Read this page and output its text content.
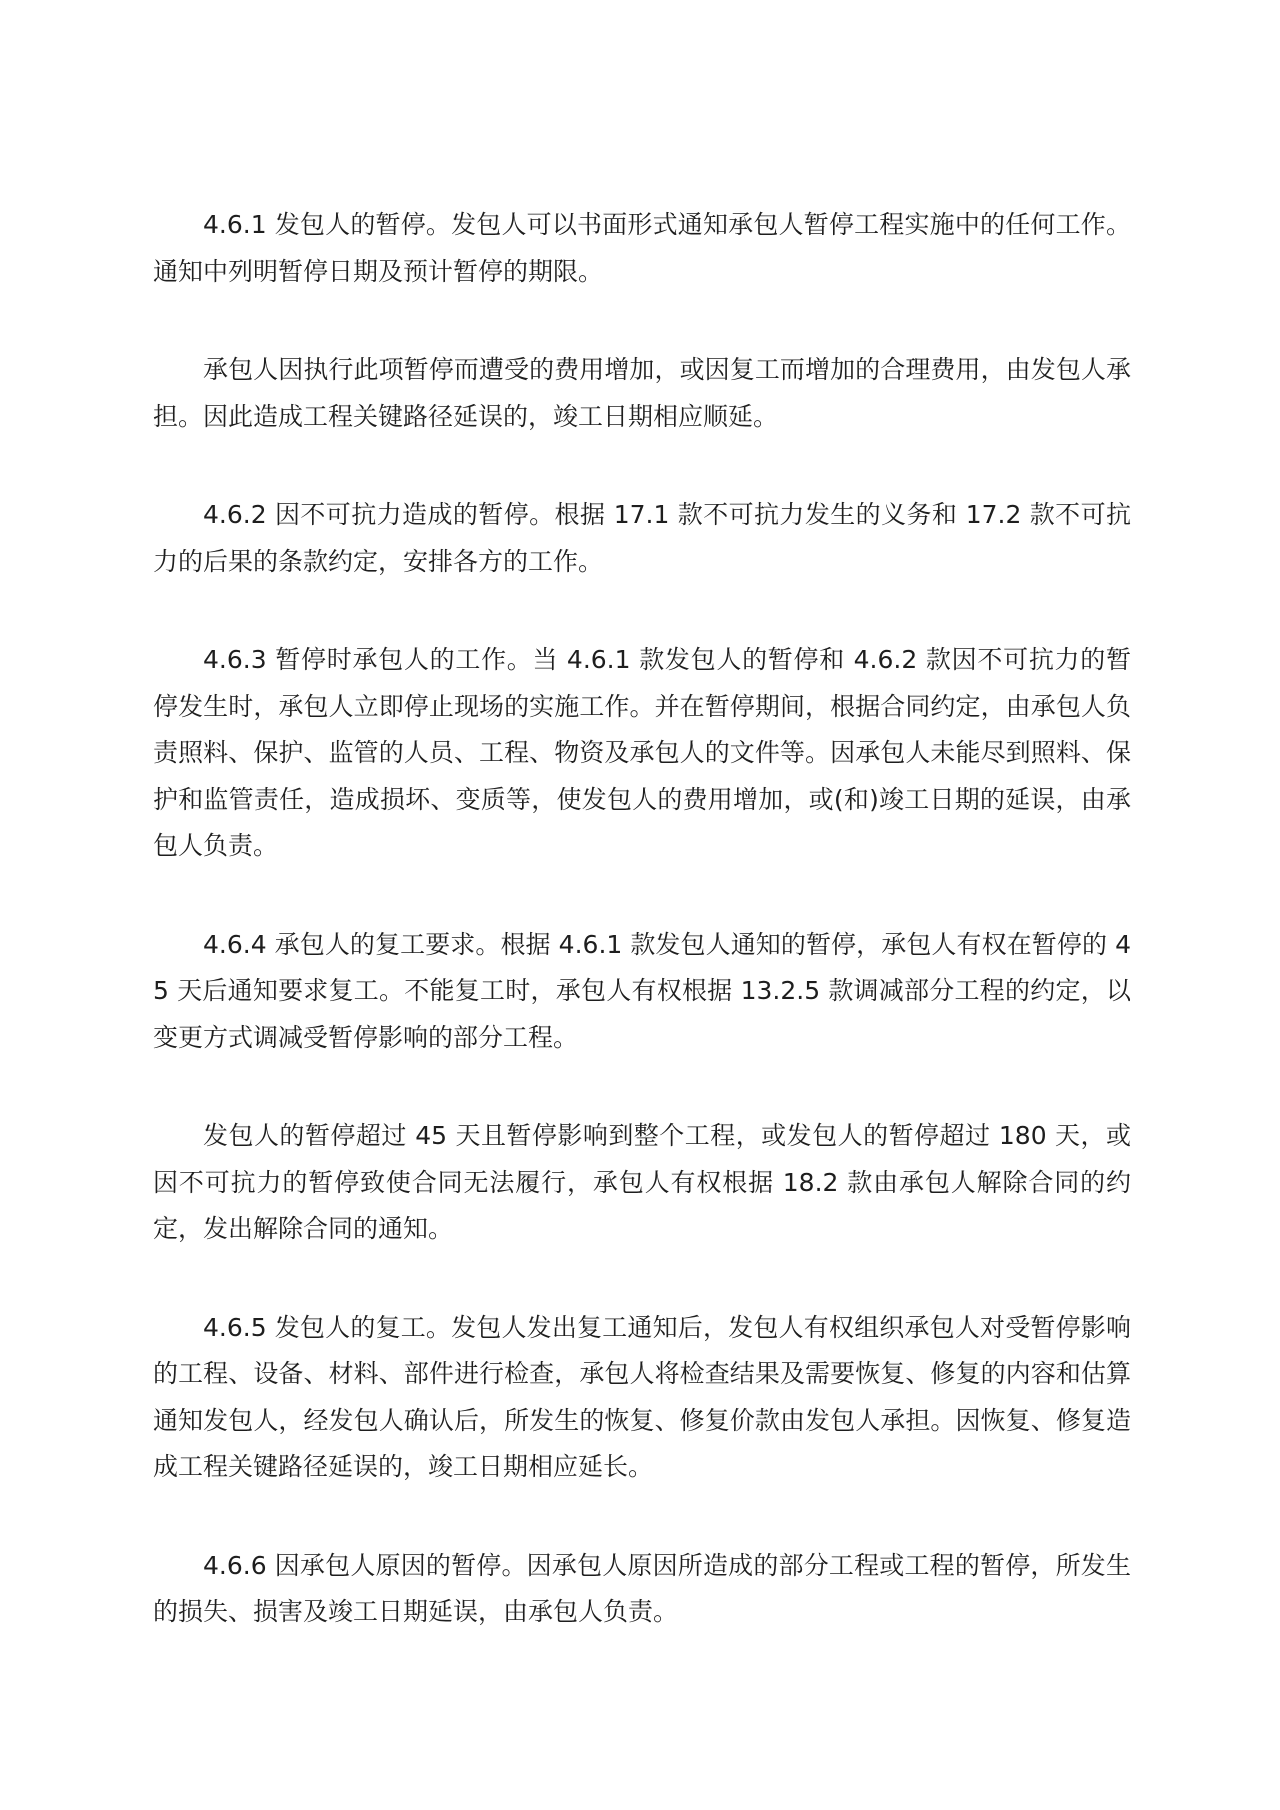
4.6.1 发包人的暂停。发包人可以书面形式通知承包人暂停工程实施中的任何工作。通知中列明暂停日期及预计暂停的期限。

承包人因执行此项暂停而遭受的费用增加，或因复工而增加的合理费用，由发包人承担。因此造成工程关键路径延误的，竣工日期相应顺延。

4.6.2 因不可抗力造成的暂停。根据 17.1 款不可抗力发生的义务和 17.2 款不可抗力的后果的条款约定，安排各方的工作。

4.6.3 暂停时承包人的工作。当 4.6.1 款发包人的暂停和 4.6.2 款因不可抗力的暂停发生时，承包人立即停止现场的实施工作。并在暂停期间，根据合同约定，由承包人负责照料、保护、监管的人员、工程、物资及承包人的文件等。因承包人未能尽到照料、保护和监管责任，造成损坏、变质等，使发包人的费用增加，或(和)竣工日期的延误，由承包人负责。

4.6.4 承包人的复工要求。根据 4.6.1 款发包人通知的暂停，承包人有权在暂停的 45 天后通知要求复工。不能复工时，承包人有权根据 13.2.5 款调减部分工程的约定，以变更方式调减受暂停影响的部分工程。

发包人的暂停超过 45 天且暂停影响到整个工程，或发包人的暂停超过 180 天，或因不可抗力的暂停致使合同无法履行，承包人有权根据 18.2 款由承包人解除合同的约定，发出解除合同的通知。

4.6.5 发包人的复工。发包人发出复工通知后，发包人有权组织承包人对受暂停影响的工程、设备、材料、部件进行检查，承包人将检查结果及需要恢复、修复的内容和估算通知发包人，经发包人确认后，所发生的恢复、修复价款由发包人承担。因恢复、修复造成工程关键路径延误的，竣工日期相应延长。

4.6.6 因承包人原因的暂停。因承包人原因所造成的部分工程或工程的暂停，所发生的损失、损害及竣工日期延误，由承包人负责。
